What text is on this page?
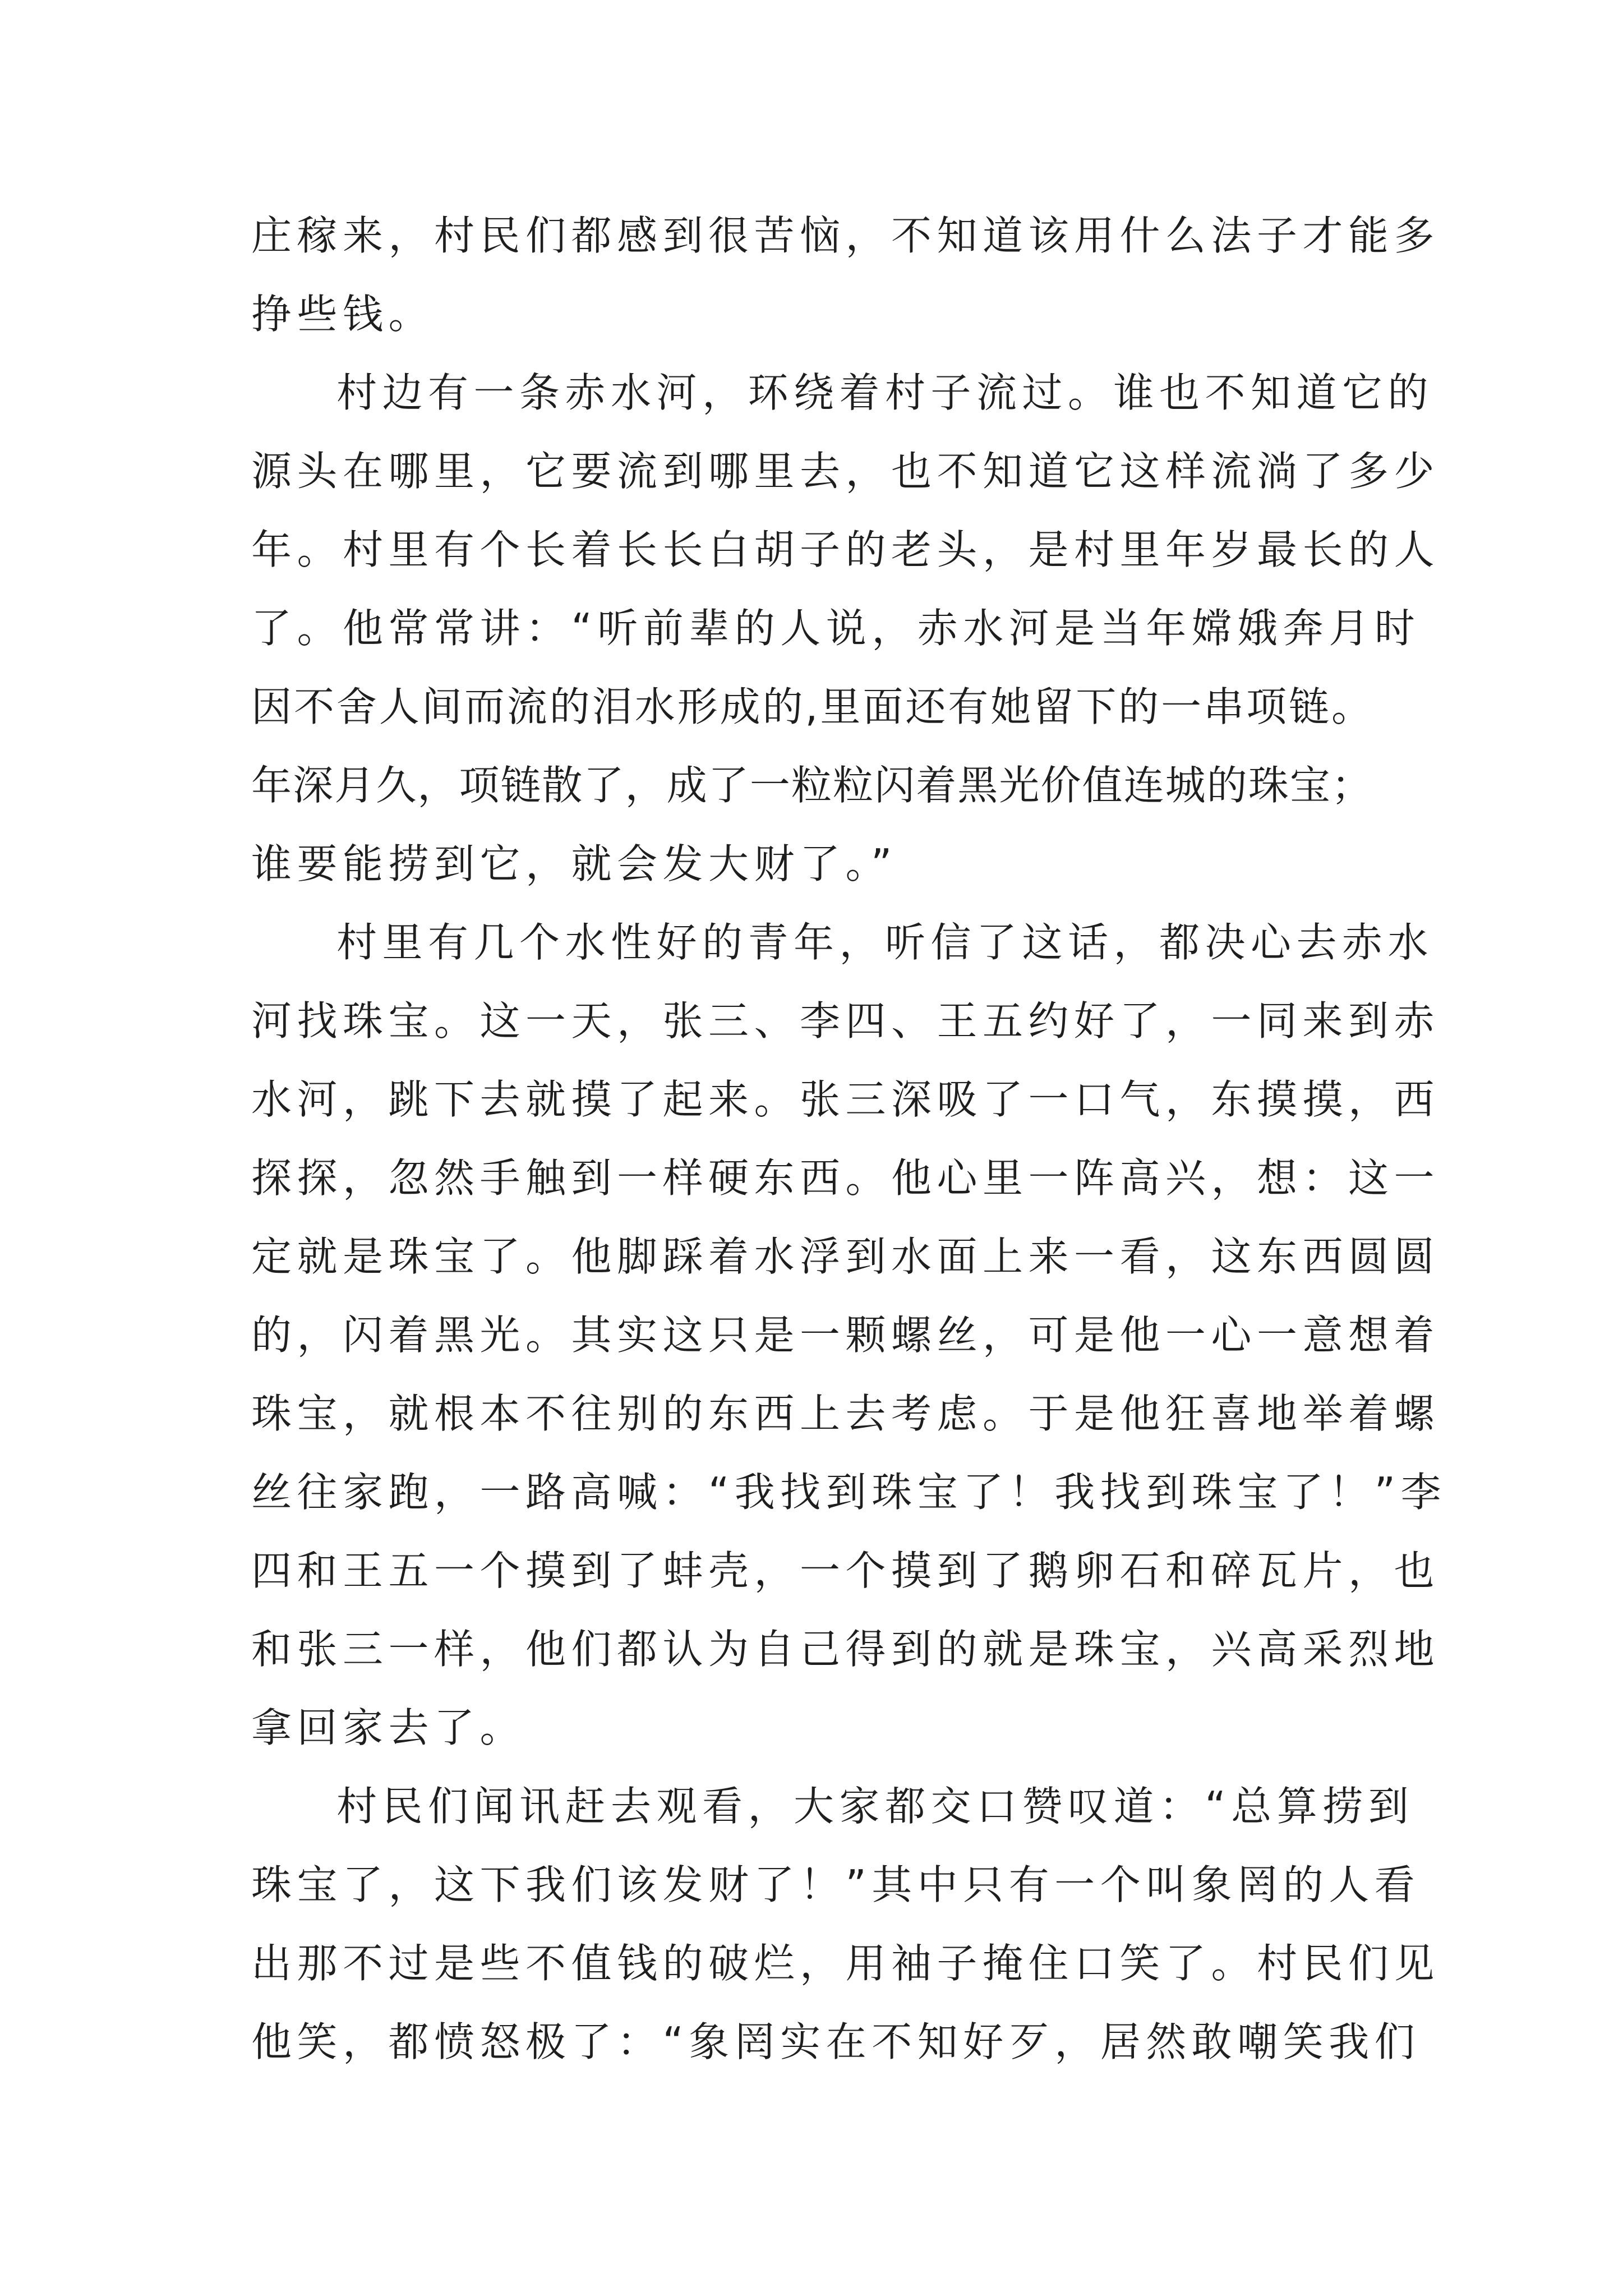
庄稼来，村民们都感到很苦恼，不知道该用什么法子才能多
挣些钱。
村边有一条赤水河，环绕着村子流过。谁也不知道它的
源头在哪里，它要流到哪里去，也不知道它这样流淌了多少
年。村里有个长着长长白胡子的老头，是村里年岁最长的人
了。他常常讲：“听前辈的人说，赤水河是当年嫦娥奔月时
因不舍人间而流的泪水形成的,里面还有她留下的一串项链。
年深月久，项链散了，成了一粒粒闪着黑光价值连城的珠宝；
谁要能捞到它，就会发大财了。”
村里有几个水性好的青年，听信了这话，都决心去赤水
河找珠宝。这一天，张三、李四、王五约好了，一同来到赤
水河，跳下去就摸了起来。张三深吸了一口气，东摸摸，西
探探，忽然手触到一样硬东西。他心里一阵高兴，想：这一
定就是珠宝了。他脚踩着水浮到水面上来一看，这东西圆圆
的，闪着黑光。其实这只是一颗螺丝，可是他一心一意想着
珠宝，就根本不往别的东西上去考虑。于是他狂喜地举着螺
丝往家跑，一路高喊：“我找到珠宝了！我找到珠宝了！”李
四和王五一个摸到了蚌壳，一个摸到了鹅卵石和碎瓦片，也
和张三一样，他们都认为自己得到的就是珠宝，兴高采烈地
拿回家去了。
村民们闻讯赶去观看，大家都交口赞叹道：“总算捞到
珠宝了，这下我们该发财了！”其中只有一个叫象罔的人看
出那不过是些不值钱的破烂，用袖子掩住口笑了。村民们见
他笑，都愤怒极了：“象罔实在不知好歹，居然敢嘲笑我们
